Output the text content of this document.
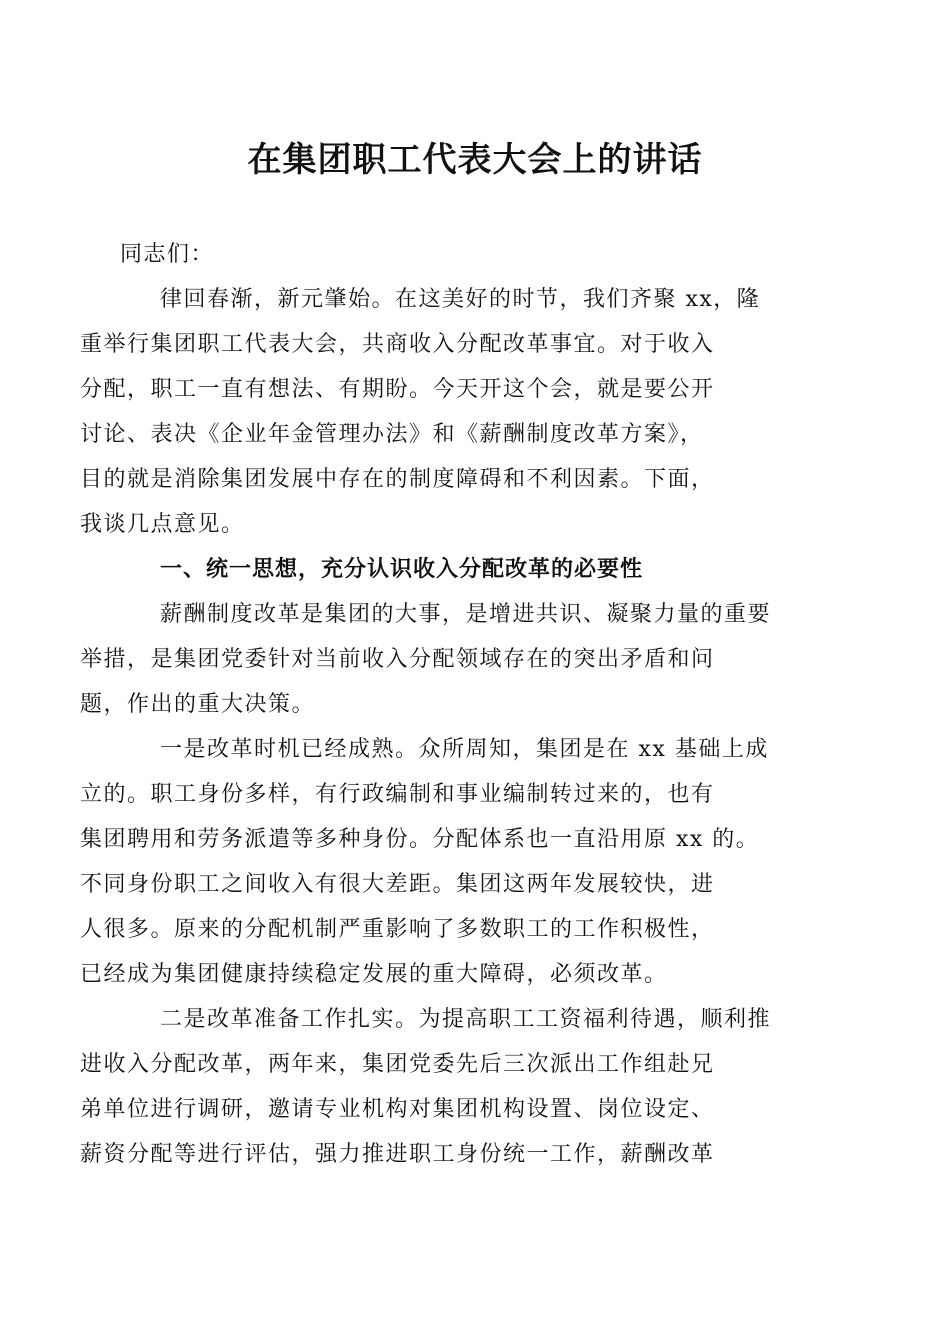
在集团职工代表大会上的讲话

同志们：

律回春渐，新元肇始。在这美好的时节，我们齐聚 xx，隆
重举行集团职工代表大会，共商收入分配改革事宜。对于收入
分配，职工一直有想法、有期盼。今天开这个会，就是要公开
讨论、表决《企业年金管理办法》和《薪酬制度改革方案》，
目的就是消除集团发展中存在的制度障碍和不利因素。下面，
我谈几点意见。

一、统一思想，充分认识收入分配改革的必要性

薪酬制度改革是集团的大事，是增进共识、凝聚力量的重要
举措，是集团党委针对当前收入分配领域存在的突出矛盾和问
题，作出的重大决策。

一是改革时机已经成熟。众所周知，集团是在 xx 基础上成
立的。职工身份多样，有行政编制和事业编制转过来的，也有
集团聘用和劳务派遣等多种身份。分配体系也一直沿用原 xx 的。
不同身份职工之间收入有很大差距。集团这两年发展较快，进
人很多。原来的分配机制严重影响了多数职工的工作积极性，
已经成为集团健康持续稳定发展的重大障碍，必须改革。

二是改革准备工作扎实。为提高职工工资福利待遇，顺利推
进收入分配改革，两年来，集团党委先后三次派出工作组赴兄
弟单位进行调研，邀请专业机构对集团机构设置、岗位设定、
薪资分配等进行评估，强力推进职工身份统一工作，薪酬改革
